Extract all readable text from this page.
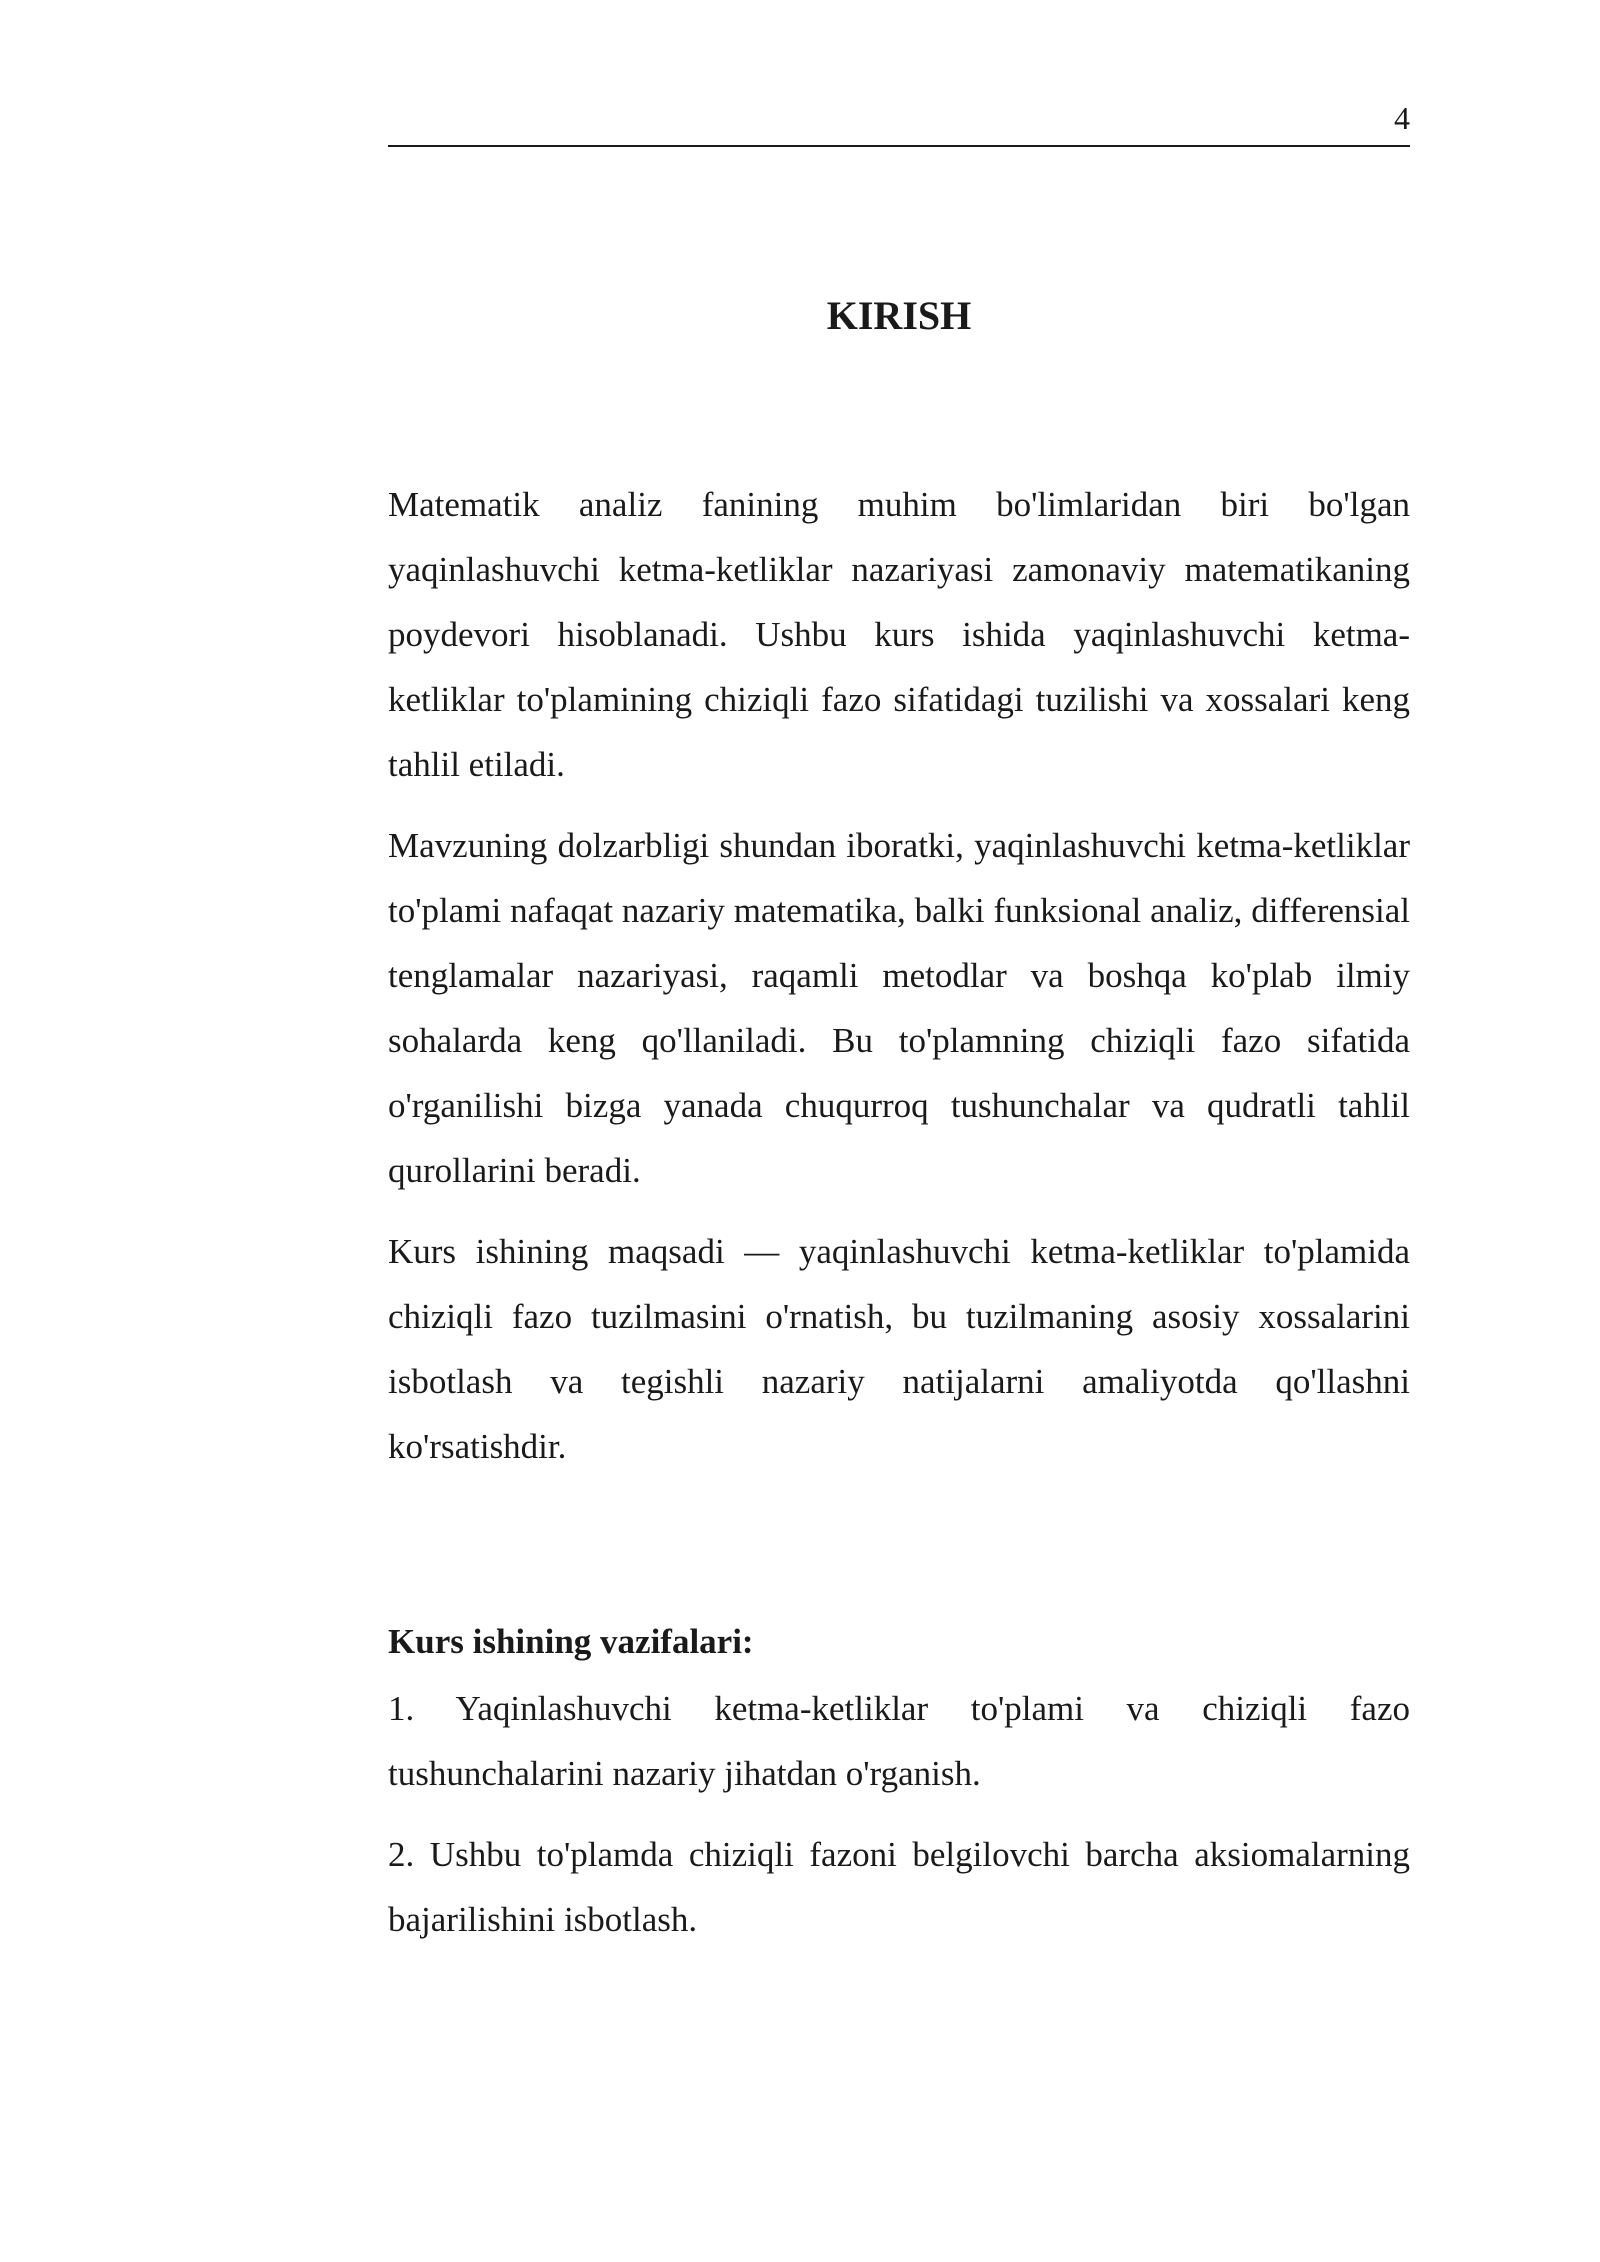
4
KIRISH

Matematik analiz fanining muhim bo'limlaridan biri bo'lgan yaqinlashuvchi ketma-ketliklar nazariyasi zamonaviy matematikaning poydevori hisoblanadi. Ushbu kurs ishida yaqinlashuvchi ketma-ketliklar to'plamining chiziqli fazo sifatidagi tuzilishi va xossalari keng tahlil etiladi.

Mavzuning dolzarbligi shundan iboratki, yaqinlashuvchi ketma-ketliklar to'plami nafaqat nazariy matematika, balki funksional analiz, differensial tenglamalar nazariyasi, raqamli metodlar va boshqa ko'plab ilmiy sohalarda keng qo'llaniladi. Bu to'plamning chiziqli fazo sifatida o'rganilishi bizga yanada chuqurroq tushunchalar va qudratli tahlil qurollarini beradi.

Kurs ishining maqsadi — yaqinlashuvchi ketma-ketliklar to'plamida chiziqli fazo tuzilmasini o'rnatish, bu tuzilmaning asosiy xossalarini isbotlash va tegishli nazariy natijalarni amaliyotda qo'llashni ko'rsatishdir.

Kurs ishining vazifalari:

1. Yaqinlashuvchi ketma-ketliklar to'plami va chiziqli fazo tushunchalarini nazariy jihatdan o'rganish.

2. Ushbu to'plamda chiziqli fazoni belgilovchi barcha aksiomalarning bajarilishini isbotlash.
